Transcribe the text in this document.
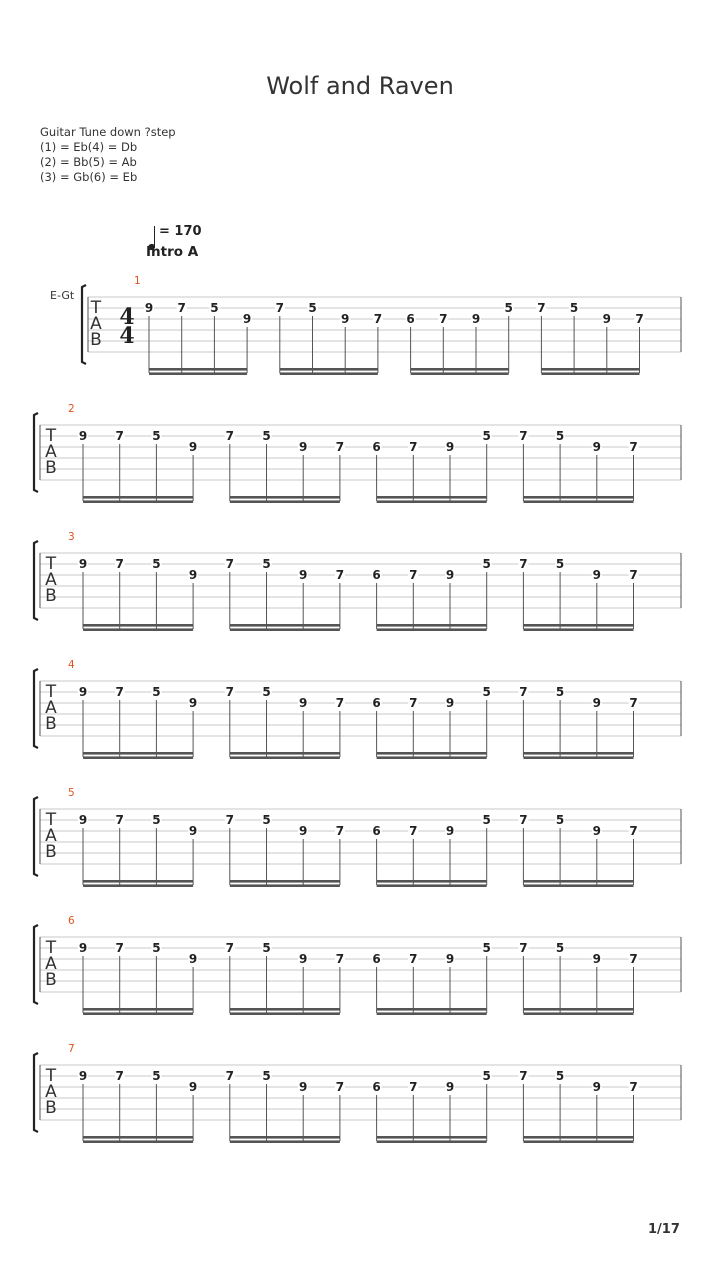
Wolf and Raven
Guitar Tune down ?step
(1) = Eb(4) = Db
(2) = Bb(5) = Ab
(3) = Gb(6) = Eb
= 170
Intro A
E-Gt
T
A
B
4
4
1
9 7 5
9
7 5
9 7 6 7 9
5 7 5
9 7
T
A
B
2
9 7 5
9
7 5
9 7 6 7 9
5 7 5
9 7
T
A
B
3
9 7 5
9
7 5
9 7 6 7 9
5 7 5
9 7
T
A
B
4
9 7 5
9
7 5
9 7 6 7 9
5 7 5
9 7
T
A
B
5
9 7 5
9
7 5
9 7 6 7 9
5 7 5
9 7
T
A
B
6
9 7 5
9
7 5
9 7 6 7 9
5 7 5
9 7
T
A
B
7
9 7 5
9
7 5
9 7 6 7 9
5 7 5
9 7
1/17
